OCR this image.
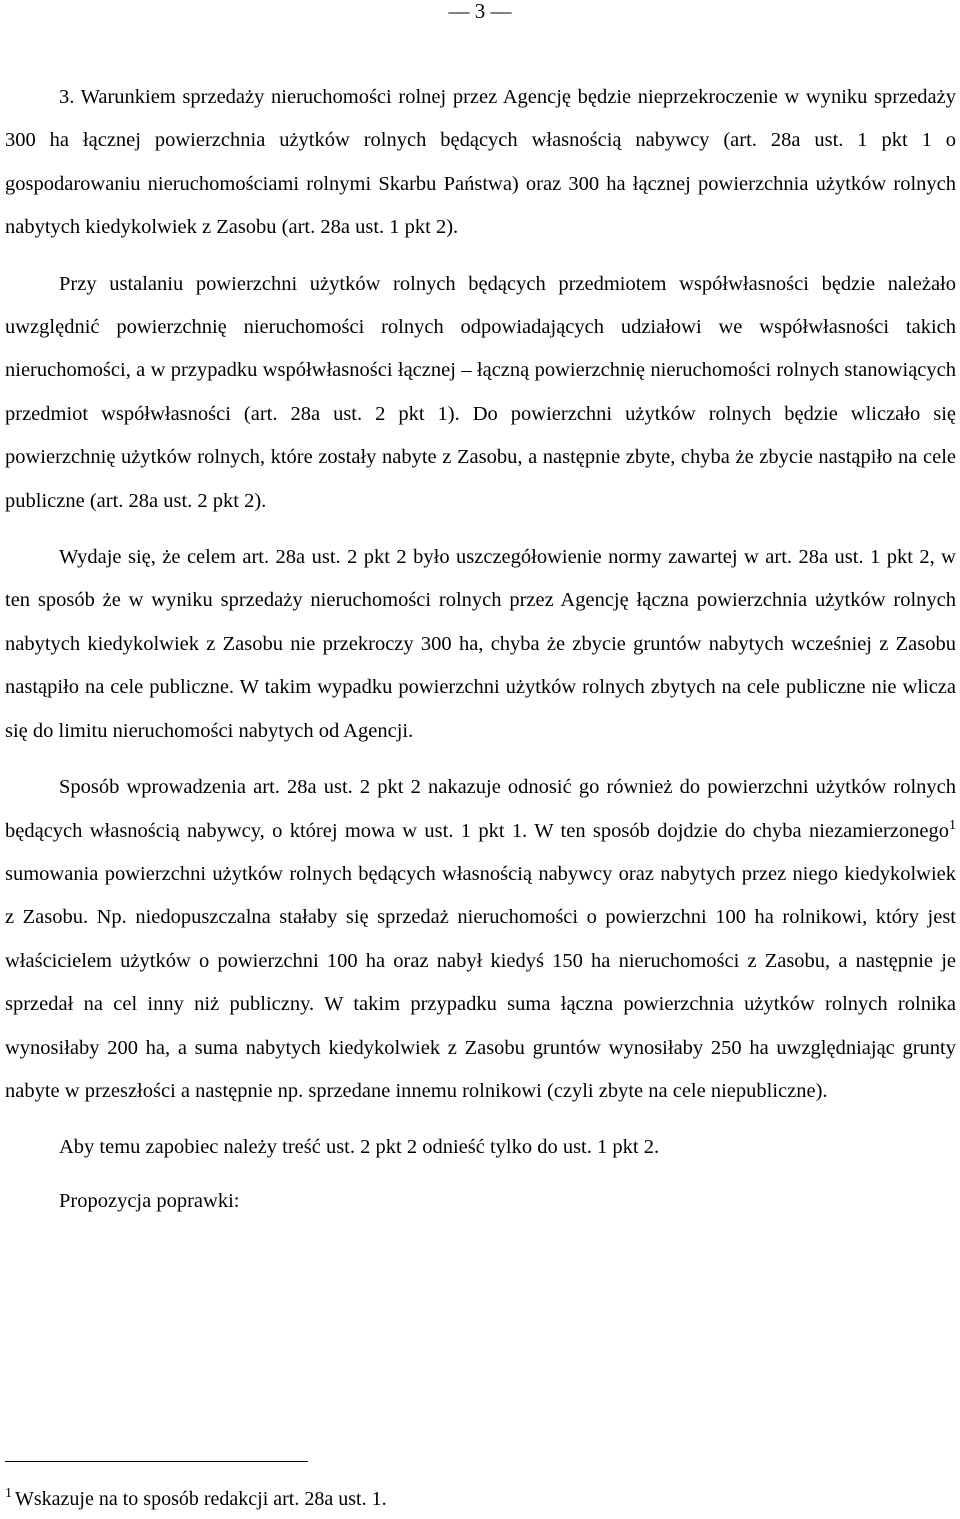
— 3 —

3. Warunkiem sprzedaży nieruchomości rolnej przez Agencję będzie nieprzekroczenie w wyniku sprzedaży 300 ha łącznej powierzchnia użytków rolnych będących własnością nabywcy (art. 28a ust. 1 pkt 1 o gospodarowaniu nieruchomościami rolnymi Skarbu Państwa) oraz 300 ha łącznej powierzchnia użytków rolnych nabytych kiedykolwiek z Zasobu (art. 28a ust. 1 pkt 2).

Przy ustalaniu powierzchni użytków rolnych będących przedmiotem współwłasności będzie należało uwzględnić powierzchnię nieruchomości rolnych odpowiadających udziałowi we współwłasności takich nieruchomości, a w przypadku współwłasności łącznej – łączną powierzchnię nieruchomości rolnych stanowiących przedmiot współwłasności (art. 28a ust. 2 pkt 1). Do powierzchni użytków rolnych będzie wliczało się powierzchnię użytków rolnych, które zostały nabyte z Zasobu, a następnie zbyte, chyba że zbycie nastąpiło na cele publiczne (art. 28a ust. 2 pkt 2).

Wydaje się, że celem art. 28a ust. 2 pkt 2 było uszczegółowienie normy zawartej w art. 28a ust. 1 pkt 2, w ten sposób że w wyniku sprzedaży nieruchomości rolnych przez Agencję łączna powierzchnia użytków rolnych nabytych kiedykolwiek z Zasobu nie przekroczy 300 ha, chyba że zbycie gruntów nabytych wcześniej z Zasobu nastąpiło na cele publiczne. W takim wypadku powierzchni użytków rolnych zbytych na cele publiczne nie wlicza się do limitu nieruchomości nabytych od Agencji.

Sposób wprowadzenia art. 28a ust. 2 pkt 2 nakazuje odnosić go również do powierzchni użytków rolnych będących własnością nabywcy, o której mowa w ust. 1 pkt 1. W ten sposób dojdzie do chyba niezamierzonego$^1$ sumowania powierzchni użytków rolnych będących własnością nabywcy oraz nabytych przez niego kiedykolwiek z Zasobu. Np. niedopuszczalna stałaby się sprzedaż nieruchomości o powierzchni 100 ha rolnikowi, który jest właścicielem użytków o powierzchni 100 ha oraz nabył kiedyś 150 ha nieruchomości z Zasobu, a następnie je sprzedał na cel inny niż publiczny. W takim przypadku suma łączna powierzchnia użytków rolnych rolnika wynosiłaby 200 ha, a suma nabytych kiedykolwiek z Zasobu gruntów wynosiłaby 250 ha uwzględniając grunty nabyte w przeszłości a następnie np. sprzedane innemu rolnikowi (czyli zbyte na cele niepubliczne).

Aby temu zapobiec należy treść ust. 2 pkt 2 odnieść tylko do ust. 1 pkt 2.

Propozycja poprawki:

$^1$ Wskazuje na to sposób redakcji art. 28a ust. 1.
